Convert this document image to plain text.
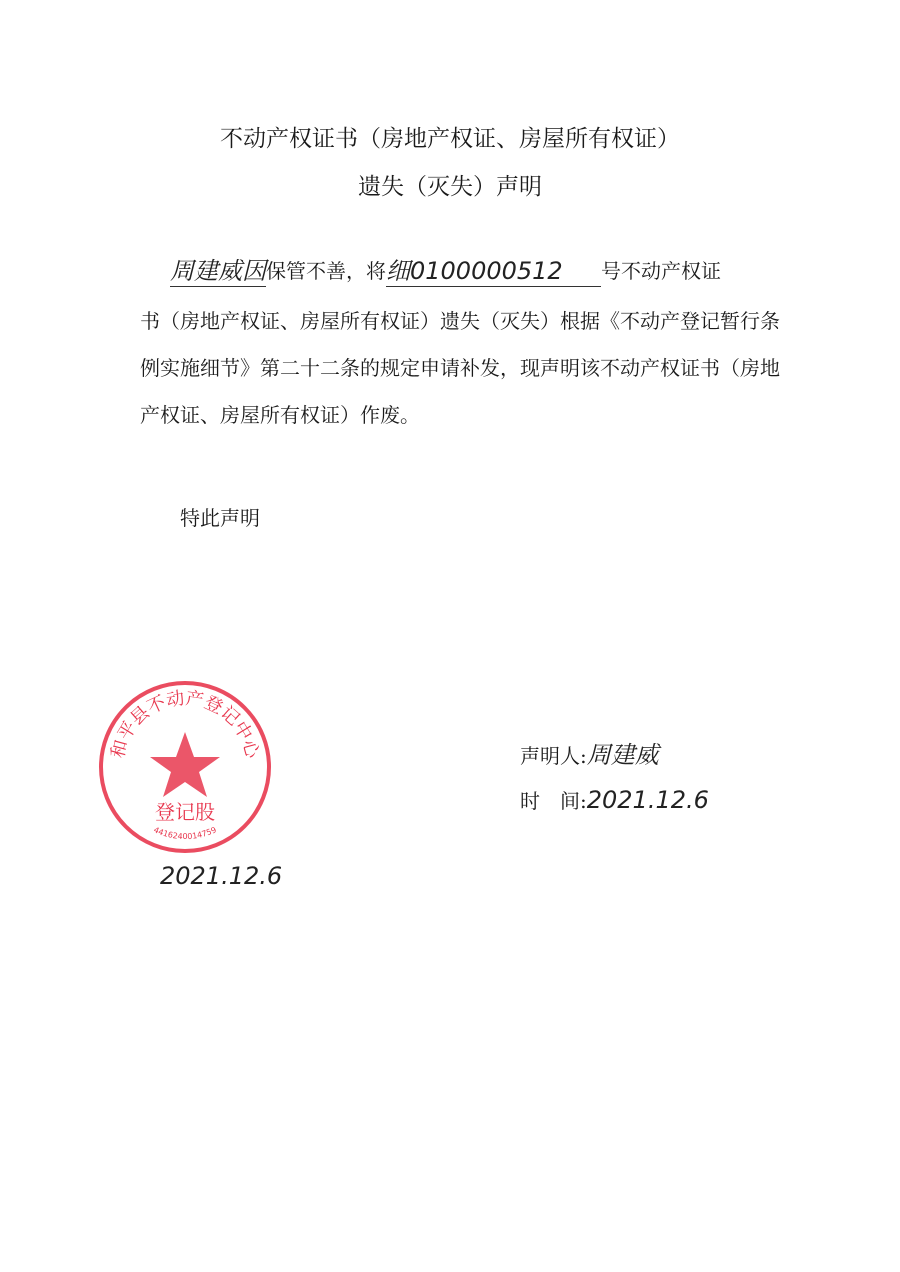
不动产权证书（房地产权证、房屋所有权证）
遗失（灭失）声明
周建威因 保管不善，将 细0100000512	号不动产权证
书（房地产权证、房屋所有权证）遗失（灭失）根据《不动产登记暂行条例实施细节》第二十二条的规定申请补发，现声明该不动产权证书（房地产权证、房屋所有权证）作废。
特此声明
声明人:周建威
时　间:2021.12.6
和平县不动产登记中心
登记股
4416240014759
2021.12.6
